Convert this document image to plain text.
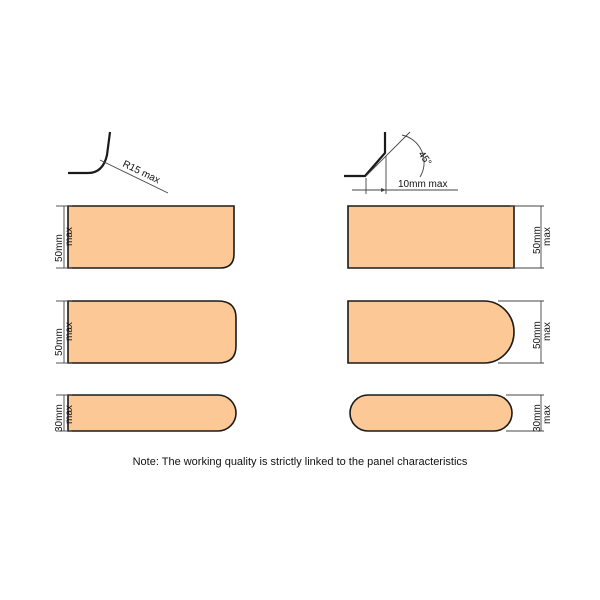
R15 max
45°
10mm max
50mm max	50mm max
50mm max	50mm max
30mm max	30mm max
Note: The working quality is strictly linked to the panel characteristics
